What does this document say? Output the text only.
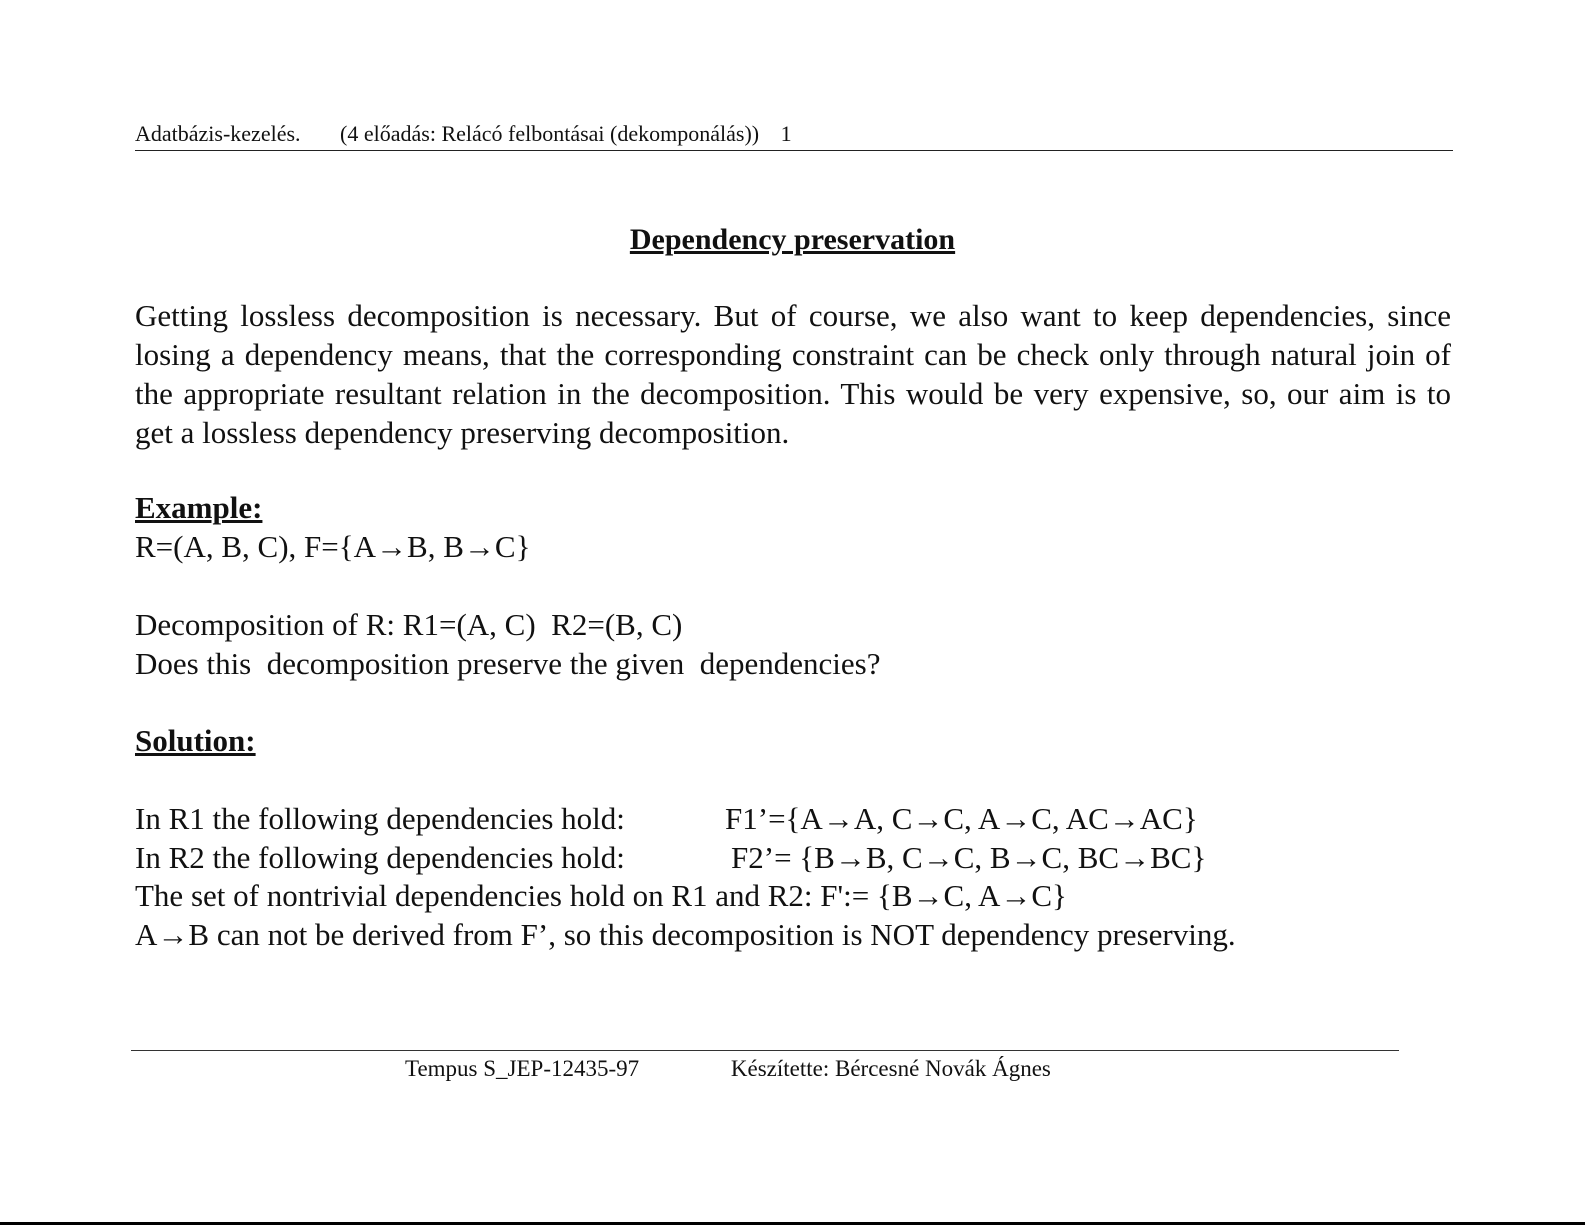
Adatbázis-kezelés. (4 előadás: Relácó felbontásai (dekomponálás)) 1
Dependency preservation

Getting lossless decomposition is necessary. But of course, we also want to keep dependencies, since losing a dependency means, that the corresponding constraint can be check only through natural join of the appropriate resultant relation in the decomposition. This would be very expensive, so, our aim is to get a lossless dependency preserving decomposition.

Example:
R=(A, B, C), F={A→B, B→C}
Decomposition of R: R1=(A, C)  R2=(B, C)
Does this  decomposition preserve the given  dependencies?
Solution:
In R1 the following dependencies hold:	F1’={A→A, C→C, A→C, AC→AC}
In R2 the following dependencies hold:	F2’= {B→B, C→C, B→C, BC→BC}
The set of nontrivial dependencies hold on R1 and R2: F':= {B→C, A→C}
A→B can not be derived from F’, so this decomposition is NOT dependency preserving.
Tempus S_JEP-12435-97	Készítette: Bércesné Novák Ágnes
